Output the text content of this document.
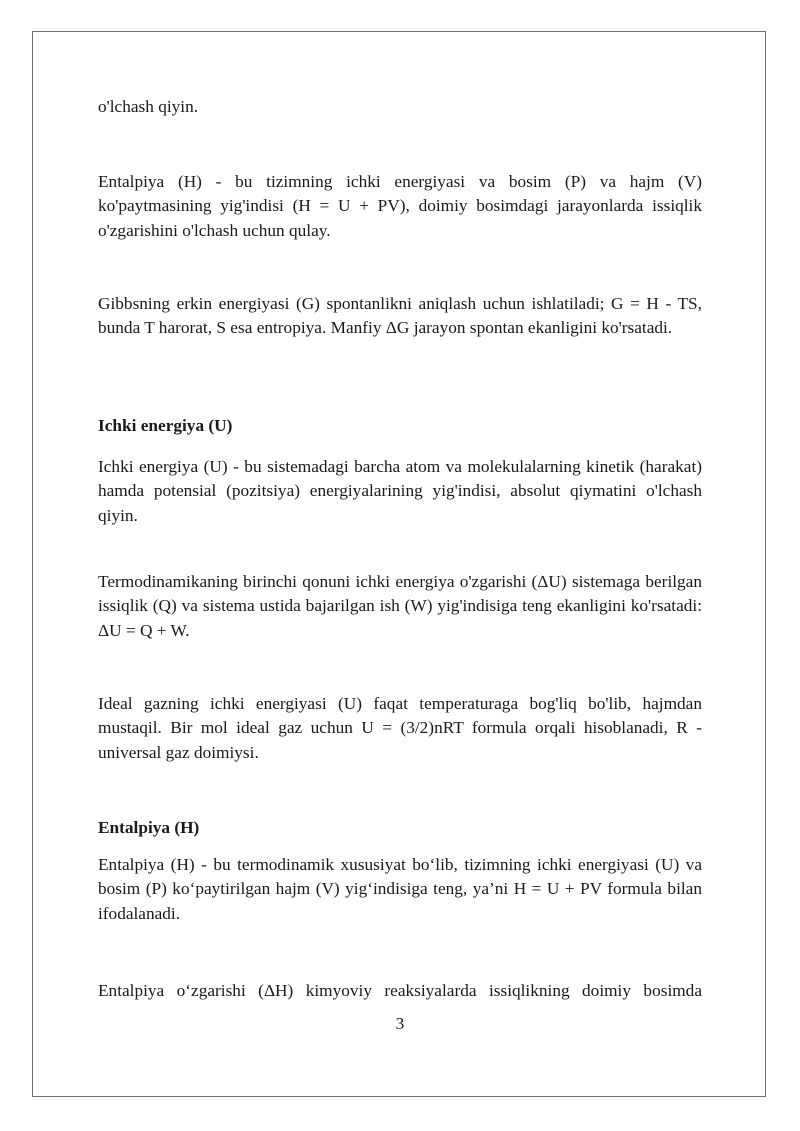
o'lchash qiyin.

Entalpiya (H) - bu tizimning ichki energiyasi va bosim (P) va hajm (V) ko'paytmasining yig'indisi (H = U + PV), doimiy bosimdagi jarayonlarda issiqlik o'zgarishini o'lchash uchun qulay.

Gibbsning erkin energiyasi (G) spontanlikni aniqlash uchun ishlatiladi; G = H - TS, bunda T harorat, S esa entropiya. Manfiy ΔG jarayon spontan ekanligini ko'rsatadi.

Ichki energiya (U)

Ichki energiya (U) - bu sistemadagi barcha atom va molekulalarning kinetik (harakat) hamda potensial (pozitsiya) energiyalarining yig'indisi, absolut qiymatini o'lchash qiyin.

Termodinamikaning birinchi qonuni ichki energiya o'zgarishi (ΔU) sistemaga berilgan issiqlik (Q) va sistema ustida bajarilgan ish (W) yig'indisiga teng ekanligini ko'rsatadi: ΔU = Q + W.

Ideal gazning ichki energiyasi (U) faqat temperaturaga bog'liq bo'lib, hajmdan mustaqil. Bir mol ideal gaz uchun U = (3/2)nRT formula orqali hisoblanadi, R - universal gaz doimiysi.

Entalpiya (H)

Entalpiya (H) - bu termodinamik xususiyat bo‘lib, tizimning ichki energiyasi (U) va bosim (P) ko‘paytirilgan hajm (V) yig‘indisiga teng, ya’ni H = U + PV formula bilan ifodalanadi.

Entalpiya o‘zgarishi (ΔH) kimyoviy reaksiyalarda issiqlikning doimiy bosimda

3
